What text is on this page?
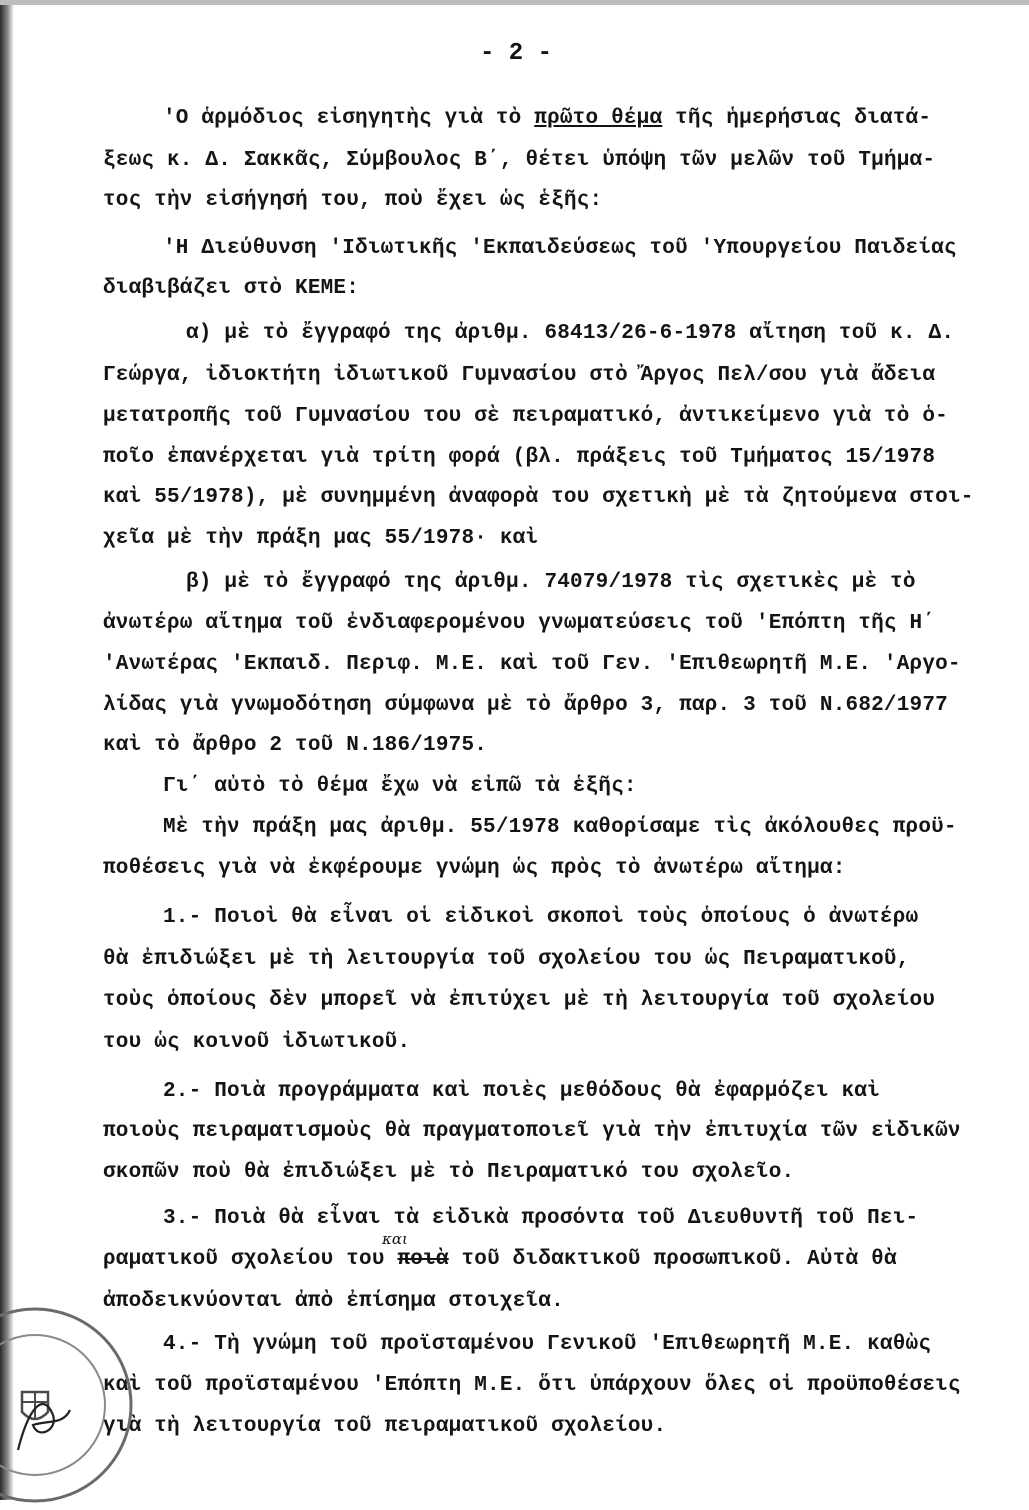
- 2 -
'Ο ἁρμόδιος εἰσηγητὴς γιὰ τὸ πρῶτο θέμα τῆς ἡμερήσιας διατά-
ξεως κ. Δ. Σακκᾶς, Σύμβουλος Β΄, θέτει ὑπόψη τῶν μελῶν τοῦ Τμήμα-
τος τὴν εἰσήγησή του, ποὺ ἔχει ὡς ἑξῆς:
'Η Διεύθυνση 'Ιδιωτικῆς 'Εκπαιδεύσεως τοῦ 'Υπουργείου Παιδείας
διαβιβάζει στὸ ΚΕΜΕ:
α) μὲ τὸ ἔγγραφό της ἀριθμ. 68413/26-6-1978 αἴτηση τοῦ κ. Δ.
Γεώργα, ἰδιοκτήτη ἰδιωτικοῦ Γυμνασίου στὸ Ἄργος Πελ/σου γιὰ ἄδεια
μετατροπῆς τοῦ Γυμνασίου του σὲ πειραματικό, ἀντικείμενο γιὰ τὸ ὁ-
ποῖο ἐπανέρχεται γιὰ τρίτη φορά (βλ. πράξεις τοῦ Τμήματος 15/1978
καὶ 55/1978), μὲ συνημμένη ἀναφορὰ του σχετικὴ μὲ τὰ ζητούμενα στοι-
χεῖα μὲ τὴν πράξη μας 55/1978· καὶ
β) μὲ τὸ ἔγγραφό της ἀριθμ. 74079/1978 τὶς σχετικὲς μὲ τὸ
ἀνωτέρω αἴτημα τοῦ ἐνδιαφερομένου γνωματεύσεις τοῦ 'Επόπτη τῆς Η΄
'Ανωτέρας 'Εκπαιδ. Περιφ. Μ.Ε. καὶ τοῦ Γεν. 'Επιθεωρητῆ Μ.Ε. 'Αργο-
λίδας γιὰ γνωμοδότηση σύμφωνα μὲ τὸ ἄρθρο 3, παρ. 3 τοῦ Ν.682/1977
καὶ τὸ ἄρθρο 2 τοῦ Ν.186/1975.
Γι΄ αὐτὸ τὸ θέμα ἔχω νὰ εἰπῶ τὰ ἑξῆς:
Μὲ τὴν πράξη μας ἀριθμ. 55/1978 καθορίσαμε τὶς ἀκόλουθες προϋ-
ποθέσεις γιὰ νὰ ἐκφέρουμε γνώμη ὡς πρὸς τὸ ἀνωτέρω αἴτημα:
1.- Ποιοὶ θὰ εἶναι οἱ εἰδικοὶ σκοποὶ τοὺς ὁποίους ὁ ἀνωτέρω
θὰ ἐπιδιώξει μὲ τὴ λειτουργία τοῦ σχολείου του ὡς Πειραματικοῦ,
τοὺς ὁποίους δὲν μπορεῖ νὰ ἐπιτύχει μὲ τὴ λειτουργία τοῦ σχολείου
του ὡς κοινοῦ ἰδιωτικοῦ.
2.- Ποιὰ προγράμματα καὶ ποιὲς μεθόδους θὰ ἐφαρμόζει καὶ
ποιοὺς πειραματισμοὺς θὰ πραγματοποιεῖ γιὰ τὴν ἐπιτυχία τῶν εἰδικῶν
σκοπῶν ποὺ θὰ ἐπιδιώξει μὲ τὸ Πειραματικό του σχολεῖο.
3.- Ποιὰ θὰ εἶναι τὰ εἰδικὰ προσόντα τοῦ Διευθυντῆ τοῦ Πει-
και
ραματικοῦ σχολείου του ποιὰ τοῦ διδακτικοῦ προσωπικοῦ. Αὐτὰ θὰ
ἀποδεικνύονται ἀπὸ ἐπίσημα στοιχεῖα.
4.- Τὴ γνώμη τοῦ προϊσταμένου Γενικοῦ 'Επιθεωρητῆ Μ.Ε. καθὼς
καὶ τοῦ προϊσταμένου 'Επόπτη Μ.Ε. ὅτι ὑπάρχουν ὅλες οἱ προϋποθέσεις
γιὰ τὴ λειτουργία τοῦ πειραματικοῦ σχολείου.
